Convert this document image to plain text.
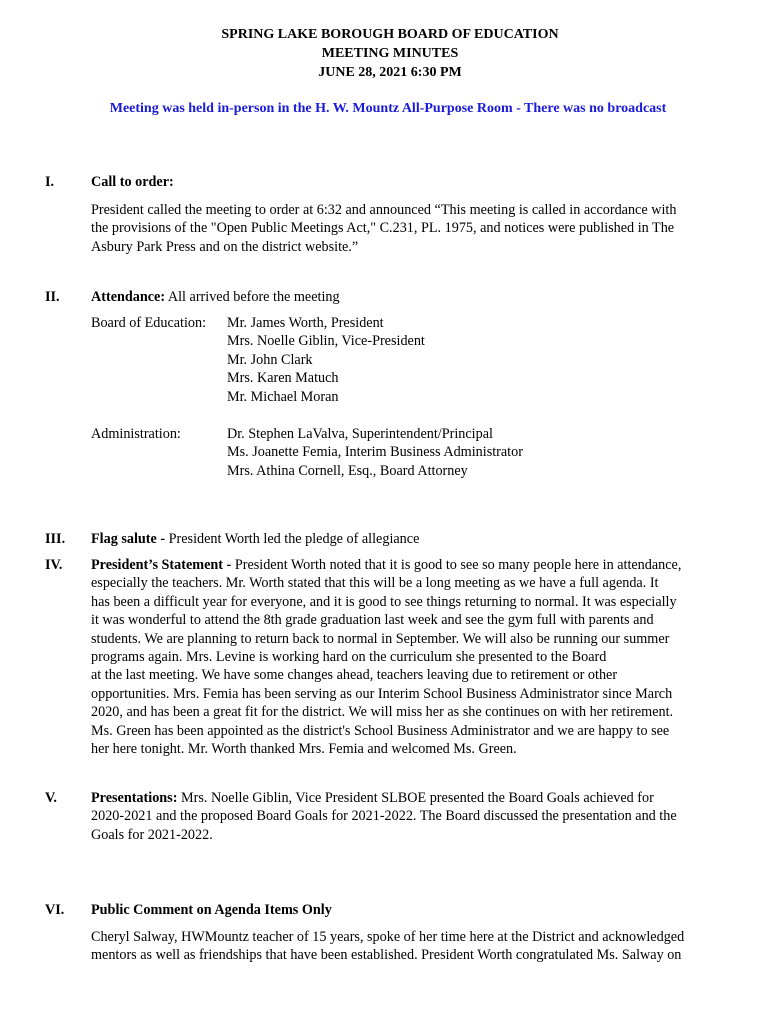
SPRING LAKE BOROUGH BOARD OF EDUCATION
MEETING MINUTES
JUNE 28, 2021 6:30 PM
Meeting was held in-person in the H. W. Mountz All-Purpose Room - There was no broadcast
I.	Call to order:
President called the meeting to order at 6:32 and announced “This meeting is called in accordance with
the provisions of the "Open Public Meetings Act," C.231, PL. 1975, and notices were published in The
Asbury Park Press and on the district website.”
II. Attendance: All arrived before the meeting
Board of Education: Mr. James Worth, President
Mrs. Noelle Giblin, Vice-President
Mr. John Clark
Mrs. Karen Matuch
Mr. Michael Moran
Administration:	Dr. Stephen LaValva, Superintendent/Principal
Ms. Joanette Femia, Interim Business Administrator
Mrs. Athina Cornell, Esq., Board Attorney
III. Flag salute - President Worth led the pledge of allegiance
IV. President’s Statement - President Worth noted that it is good to see so many people here in attendance,
especially the teachers. Mr. Worth stated that this will be a long meeting as we have a full agenda. It
has been a difficult year for everyone, and it is good to see things returning to normal. It was especially
it was wonderful to attend the 8th grade graduation last week and see the gym full with parents and
students. We are planning to return back to normal in September. We will also be running our summer
programs again. Mrs. Levine is working hard on the curriculum she presented to the Board
at the last meeting. We have some changes ahead, teachers leaving due to retirement or other
opportunities. Mrs. Femia has been serving as our Interim School Business Administrator since March
2020, and has been a great fit for the district. We will miss her as she continues on with her retirement.
Ms. Green has been appointed as the district's School Business Administrator and we are happy to see
her here tonight. Mr. Worth thanked Mrs. Femia and welcomed Ms. Green.
V. Presentations: Mrs. Noelle Giblin, Vice President SLBOE presented the Board Goals achieved for
2020-2021 and the proposed Board Goals for 2021-2022. The Board discussed the presentation and the
Goals for 2021-2022.
VI. Public Comment on Agenda Items Only
Cheryl Salway, HWMountz teacher of 15 years, spoke of her time here at the District and acknowledged
mentors as well as friendships that have been established. President Worth congratulated Ms. Salway on
